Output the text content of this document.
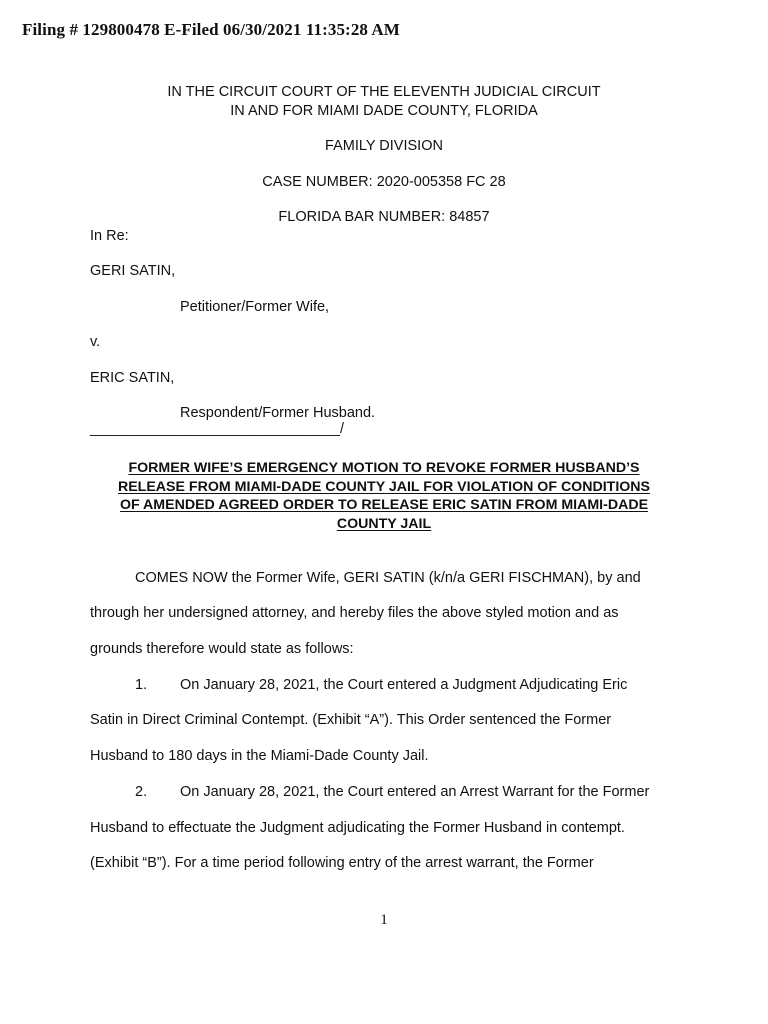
Filing # 129800478 E-Filed 06/30/2021 11:35:28 AM
IN THE CIRCUIT COURT OF THE ELEVENTH JUDICIAL CIRCUIT
IN AND FOR MIAMI DADE COUNTY, FLORIDA
FAMILY DIVISION
CASE NUMBER: 2020-005358 FC 28
FLORIDA BAR NUMBER: 84857
In Re:
GERI SATIN,
Petitioner/Former Wife,
v.
ERIC SATIN,
Respondent/Former Husband.
_______________________________/
FORMER WIFE’S EMERGENCY MOTION TO REVOKE FORMER HUSBAND’S
RELEASE FROM MIAMI-DADE COUNTY JAIL FOR VIOLATION OF CONDITIONS
OF AMENDED AGREED ORDER TO RELEASE ERIC SATIN FROM MIAMI-DADE
COUNTY JAIL
COMES NOW the Former Wife, GERI SATIN (k/n/a GERI FISCHMAN), by and
through her undersigned attorney, and hereby files the above styled motion and as
grounds therefore would state as follows:
1. On January 28, 2021, the Court entered a Judgment Adjudicating Eric
Satin in Direct Criminal Contempt. (Exhibit “A”). This Order sentenced the Former
Husband to 180 days in the Miami-Dade County Jail.
2. On January 28, 2021, the Court entered an Arrest Warrant for the Former
Husband to effectuate the Judgment adjudicating the Former Husband in contempt.
(Exhibit “B”). For a time period following entry of the arrest warrant, the Former
1
